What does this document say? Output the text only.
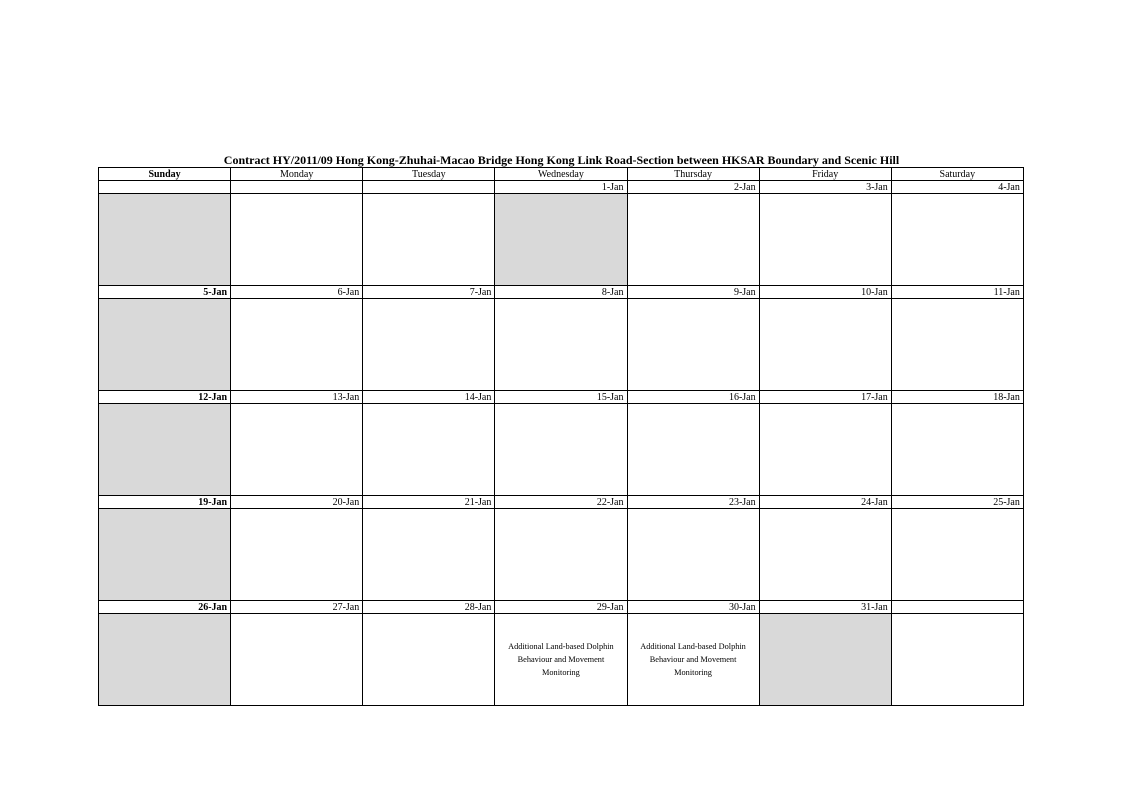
Contract HY/2011/09 Hong Kong-Zhuhai-Macao Bridge Hong Kong Link Road-Section between HKSAR Boundary and Scenic Hill

Sunday	Monday	Tuesday	Wednesday	Thursday	Friday	Saturday
			1-Jan	2-Jan	3-Jan	4-Jan

5-Jan	6-Jan	7-Jan	8-Jan	9-Jan	10-Jan	11-Jan

12-Jan	13-Jan	14-Jan	15-Jan	16-Jan	17-Jan	18-Jan

19-Jan	20-Jan	21-Jan	22-Jan	23-Jan	24-Jan	25-Jan

26-Jan	27-Jan	28-Jan	29-Jan	30-Jan	31-Jan	

			Additional Land-based Dolphin Behaviour and Movement Monitoring	Additional Land-based Dolphin Behaviour and Movement Monitoring		
